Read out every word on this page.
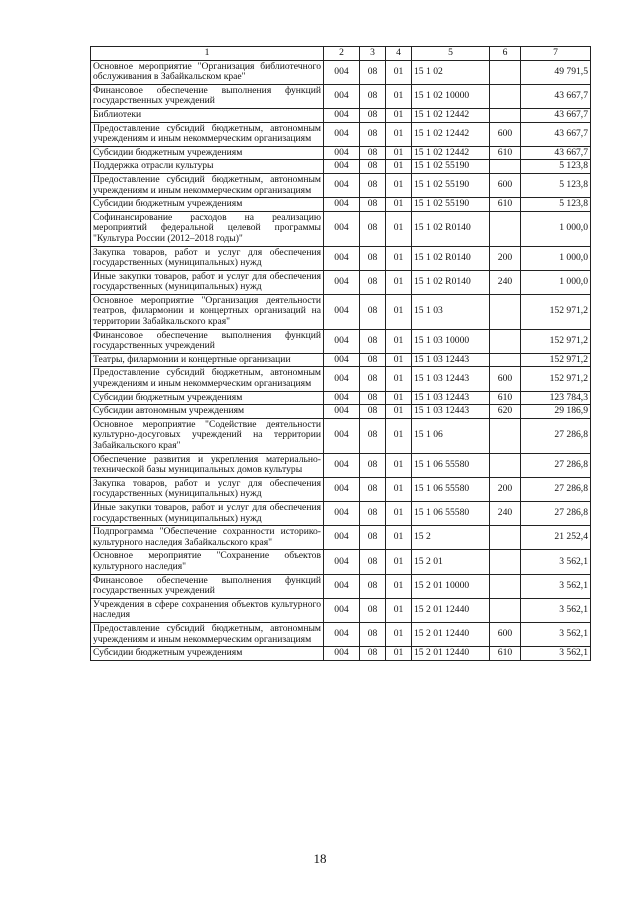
1	2	3	4	5	6	7
Основное мероприятие "Организация библиотечного обслуживания в Забайкальском крае"	004	08	01	15 1 02		49 791,5
Финансовое обеспечение выполнения функций государственных учреждений	004	08	01	15 1 02 10000		43 667,7
Библиотеки	004	08	01	15 1 02 12442		43 667,7
Предоставление субсидий бюджетным, автономным учреждениям и иным некоммерческим организациям	004	08	01	15 1 02 12442	600	43 667,7
Субсидии бюджетным учреждениям	004	08	01	15 1 02 12442	610	43 667,7
Поддержка отрасли культуры	004	08	01	15 1 02 55190		5 123,8
Предоставление субсидий бюджетным, автономным учреждениям и иным некоммерческим организациям	004	08	01	15 1 02 55190	600	5 123,8
Субсидии бюджетным учреждениям	004	08	01	15 1 02 55190	610	5 123,8
Софинансирование расходов на реализацию мероприятий федеральной целевой программы "Культура России (2012–2018 годы)"	004	08	01	15 1 02 R0140		1 000,0
Закупка товаров, работ и услуг для обеспечения государственных (муниципальных) нужд	004	08	01	15 1 02 R0140	200	1 000,0
Иные закупки товаров, работ и услуг для обеспечения государственных (муниципальных) нужд	004	08	01	15 1 02 R0140	240	1 000,0
Основное мероприятие "Организация деятельности театров, филармонии и концертных организаций на территории Забайкальского края"	004	08	01	15 1 03		152 971,2
Финансовое обеспечение выполнения функций государственных учреждений	004	08	01	15 1 03 10000		152 971,2
Театры, филармонии и концертные организации	004	08	01	15 1 03 12443		152 971,2
Предоставление субсидий бюджетным, автономным учреждениям и иным некоммерческим организациям	004	08	01	15 1 03 12443	600	152 971,2
Субсидии бюджетным учреждениям	004	08	01	15 1 03 12443	610	123 784,3
Субсидии автономным учреждениям	004	08	01	15 1 03 12443	620	29 186,9
Основное мероприятие "Содействие деятельности культурно-досуговых учреждений на территории Забайкальского края"	004	08	01	15 1 06		27 286,8
Обеспечение развития и укрепления материально-технической базы муниципальных домов культуры	004	08	01	15 1 06 55580		27 286,8
Закупка товаров, работ и услуг для обеспечения государственных (муниципальных) нужд	004	08	01	15 1 06 55580	200	27 286,8
Иные закупки товаров, работ и услуг для обеспечения государственных (муниципальных) нужд	004	08	01	15 1 06 55580	240	27 286,8
Подпрограмма "Обеспечение сохранности историко-культурного наследия Забайкальского края"	004	08	01	15 2		21 252,4
Основное мероприятие "Сохранение объектов культурного наследия"	004	08	01	15 2 01		3 562,1
Финансовое обеспечение выполнения функций государственных учреждений	004	08	01	15 2 01 10000		3 562,1
Учреждения в сфере сохранения объектов культурного наследия	004	08	01	15 2 01 12440		3 562,1
Предоставление субсидий бюджетным, автономным учреждениям и иным некоммерческим организациям	004	08	01	15 2 01 12440	600	3 562,1
Субсидии бюджетным учреждениям	004	08	01	15 2 01 12440	610	3 562,1
18
